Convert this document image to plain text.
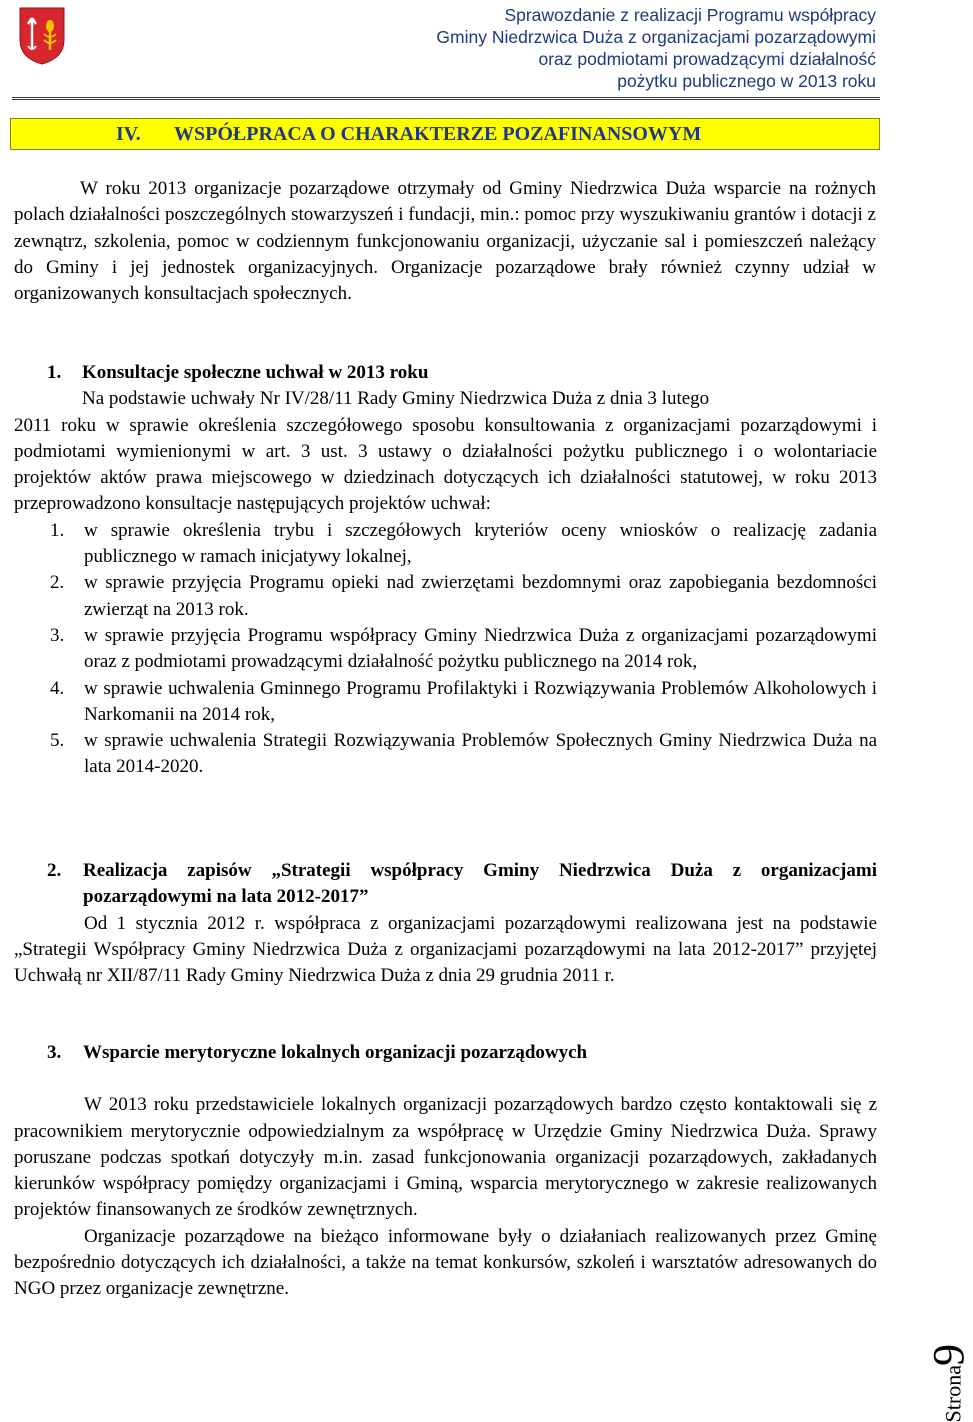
Sprawozdanie z realizacji Programu współpracy
Gminy Niedrzwica Duża z organizacjami pozarządowymi
oraz podmiotami prowadzącymi działalność
pożytku publicznego w 2013 roku
IV. WSPÓŁPRACA O CHARAKTERZE POZAFINANSOWYM
W roku 2013 organizacje pozarządowe otrzymały od Gminy Niedrzwica Duża wsparcie na rożnych polach działalności poszczególnych stowarzyszeń i fundacji, min.: pomoc przy wyszukiwaniu grantów i dotacji z zewnątrz, szkolenia, pomoc w codziennym funkcjonowaniu organizacji, użyczanie sal i pomieszczeń należący do Gminy i jej jednostek organizacyjnych. Organizacje pozarządowe brały również czynny udział w organizowanych konsultacjach społecznych.
1. Konsultacje społeczne uchwał w 2013 roku
Na podstawie uchwały Nr IV/28/11 Rady Gminy Niedrzwica Duża z dnia 3 lutego
2011 roku w sprawie określenia szczegółowego sposobu konsultowania z organizacjami pozarządowymi i podmiotami wymienionymi w art. 3 ust. 3 ustawy o działalności pożytku publicznego i o wolontariacie projektów aktów prawa miejscowego w dziedzinach dotyczących ich działalności statutowej, w roku 2013 przeprowadzono konsultacje następujących projektów uchwał:
1. w sprawie określenia trybu i szczegółowych kryteriów oceny wniosków o realizację zadania publicznego w ramach inicjatywy lokalnej,
2. w sprawie przyjęcia Programu opieki nad zwierzętami bezdomnymi oraz zapobiegania bezdomności zwierząt na 2013 rok.
3. w sprawie przyjęcia Programu współpracy Gminy Niedrzwica Duża z organizacjami pozarządowymi oraz z podmiotami prowadzącymi działalność pożytku publicznego na 2014 rok,
4. w sprawie uchwalenia Gminnego Programu Profilaktyki i Rozwiązywania Problemów Alkoholowych i Narkomanii na 2014 rok,
5. w sprawie uchwalenia Strategii Rozwiązywania Problemów Społecznych Gminy Niedrzwica Duża na lata 2014-2020.
2. Realizacja zapisów „Strategii współpracy Gminy Niedrzwica Duża z organizacjami pozarządowymi na lata 2012-2017”
Od 1 stycznia 2012 r. współpraca z organizacjami pozarządowymi realizowana jest na podstawie „Strategii Współpracy Gminy Niedrzwica Duża z organizacjami pozarządowymi na lata 2012-2017” przyjętej Uchwałą nr XII/87/11 Rady Gminy Niedrzwica Duża z dnia 29 grudnia 2011 r.
3. Wsparcie merytoryczne lokalnych organizacji pozarządowych
W 2013 roku przedstawiciele lokalnych organizacji pozarządowych bardzo często kontaktowali się z pracownikiem merytorycznie odpowiedzialnym za współpracę w Urzędzie Gminy Niedrzwica Duża. Sprawy poruszane podczas spotkań dotyczyły m.in. zasad funkcjonowania organizacji pozarządowych, zakładanych kierunków współpracy pomiędzy organizacjami i Gminą, wsparcia merytorycznego w zakresie realizowanych projektów finansowanych ze środków zewnętrznych.
Organizacje pozarządowe na bieżąco informowane były o działaniach realizowanych przez Gminę bezpośrednio dotyczących ich działalności, a także na temat konkursów, szkoleń i warsztatów adresowanych do NGO przez organizacje zewnętrzne.
Strona
9
